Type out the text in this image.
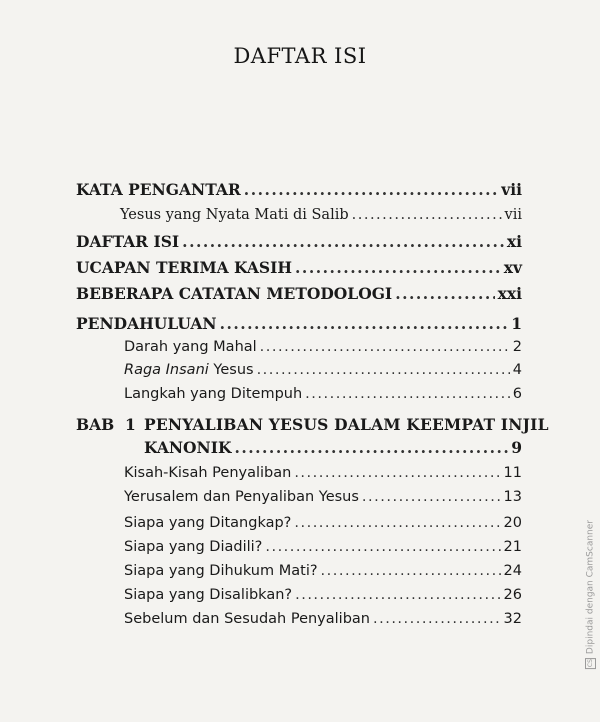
DAFTAR ISI
KATA PENGANTAR .....	vii
Yesus yang Nyata Mati di Salib .....	vii
DAFTAR ISI .....	xi
UCAPAN TERIMA KASIH .....	xv
BEBERAPA CATATAN METODOLOGI .....	xxi
PENDAHULUAN .....	1
Darah yang Mahal .....	2
Raga Insani Yesus .....	4
Langkah yang Ditempuh .....	6
BAB 1 PENYALIBAN YESUS DALAM KEEMPAT INJIL
KANONIK .....	9
Kisah-Kisah Penyaliban .....	11
Yerusalem dan Penyaliban Yesus .....	13
Siapa yang Ditangkap? .....	20
Siapa yang Diadili? .....	21
Siapa yang Dihukum Mati? .....	24
Siapa yang Disalibkan? .....	26
Sebelum dan Sesudah Penyaliban .....	32
CS
Dipindai dengan CamScanner
